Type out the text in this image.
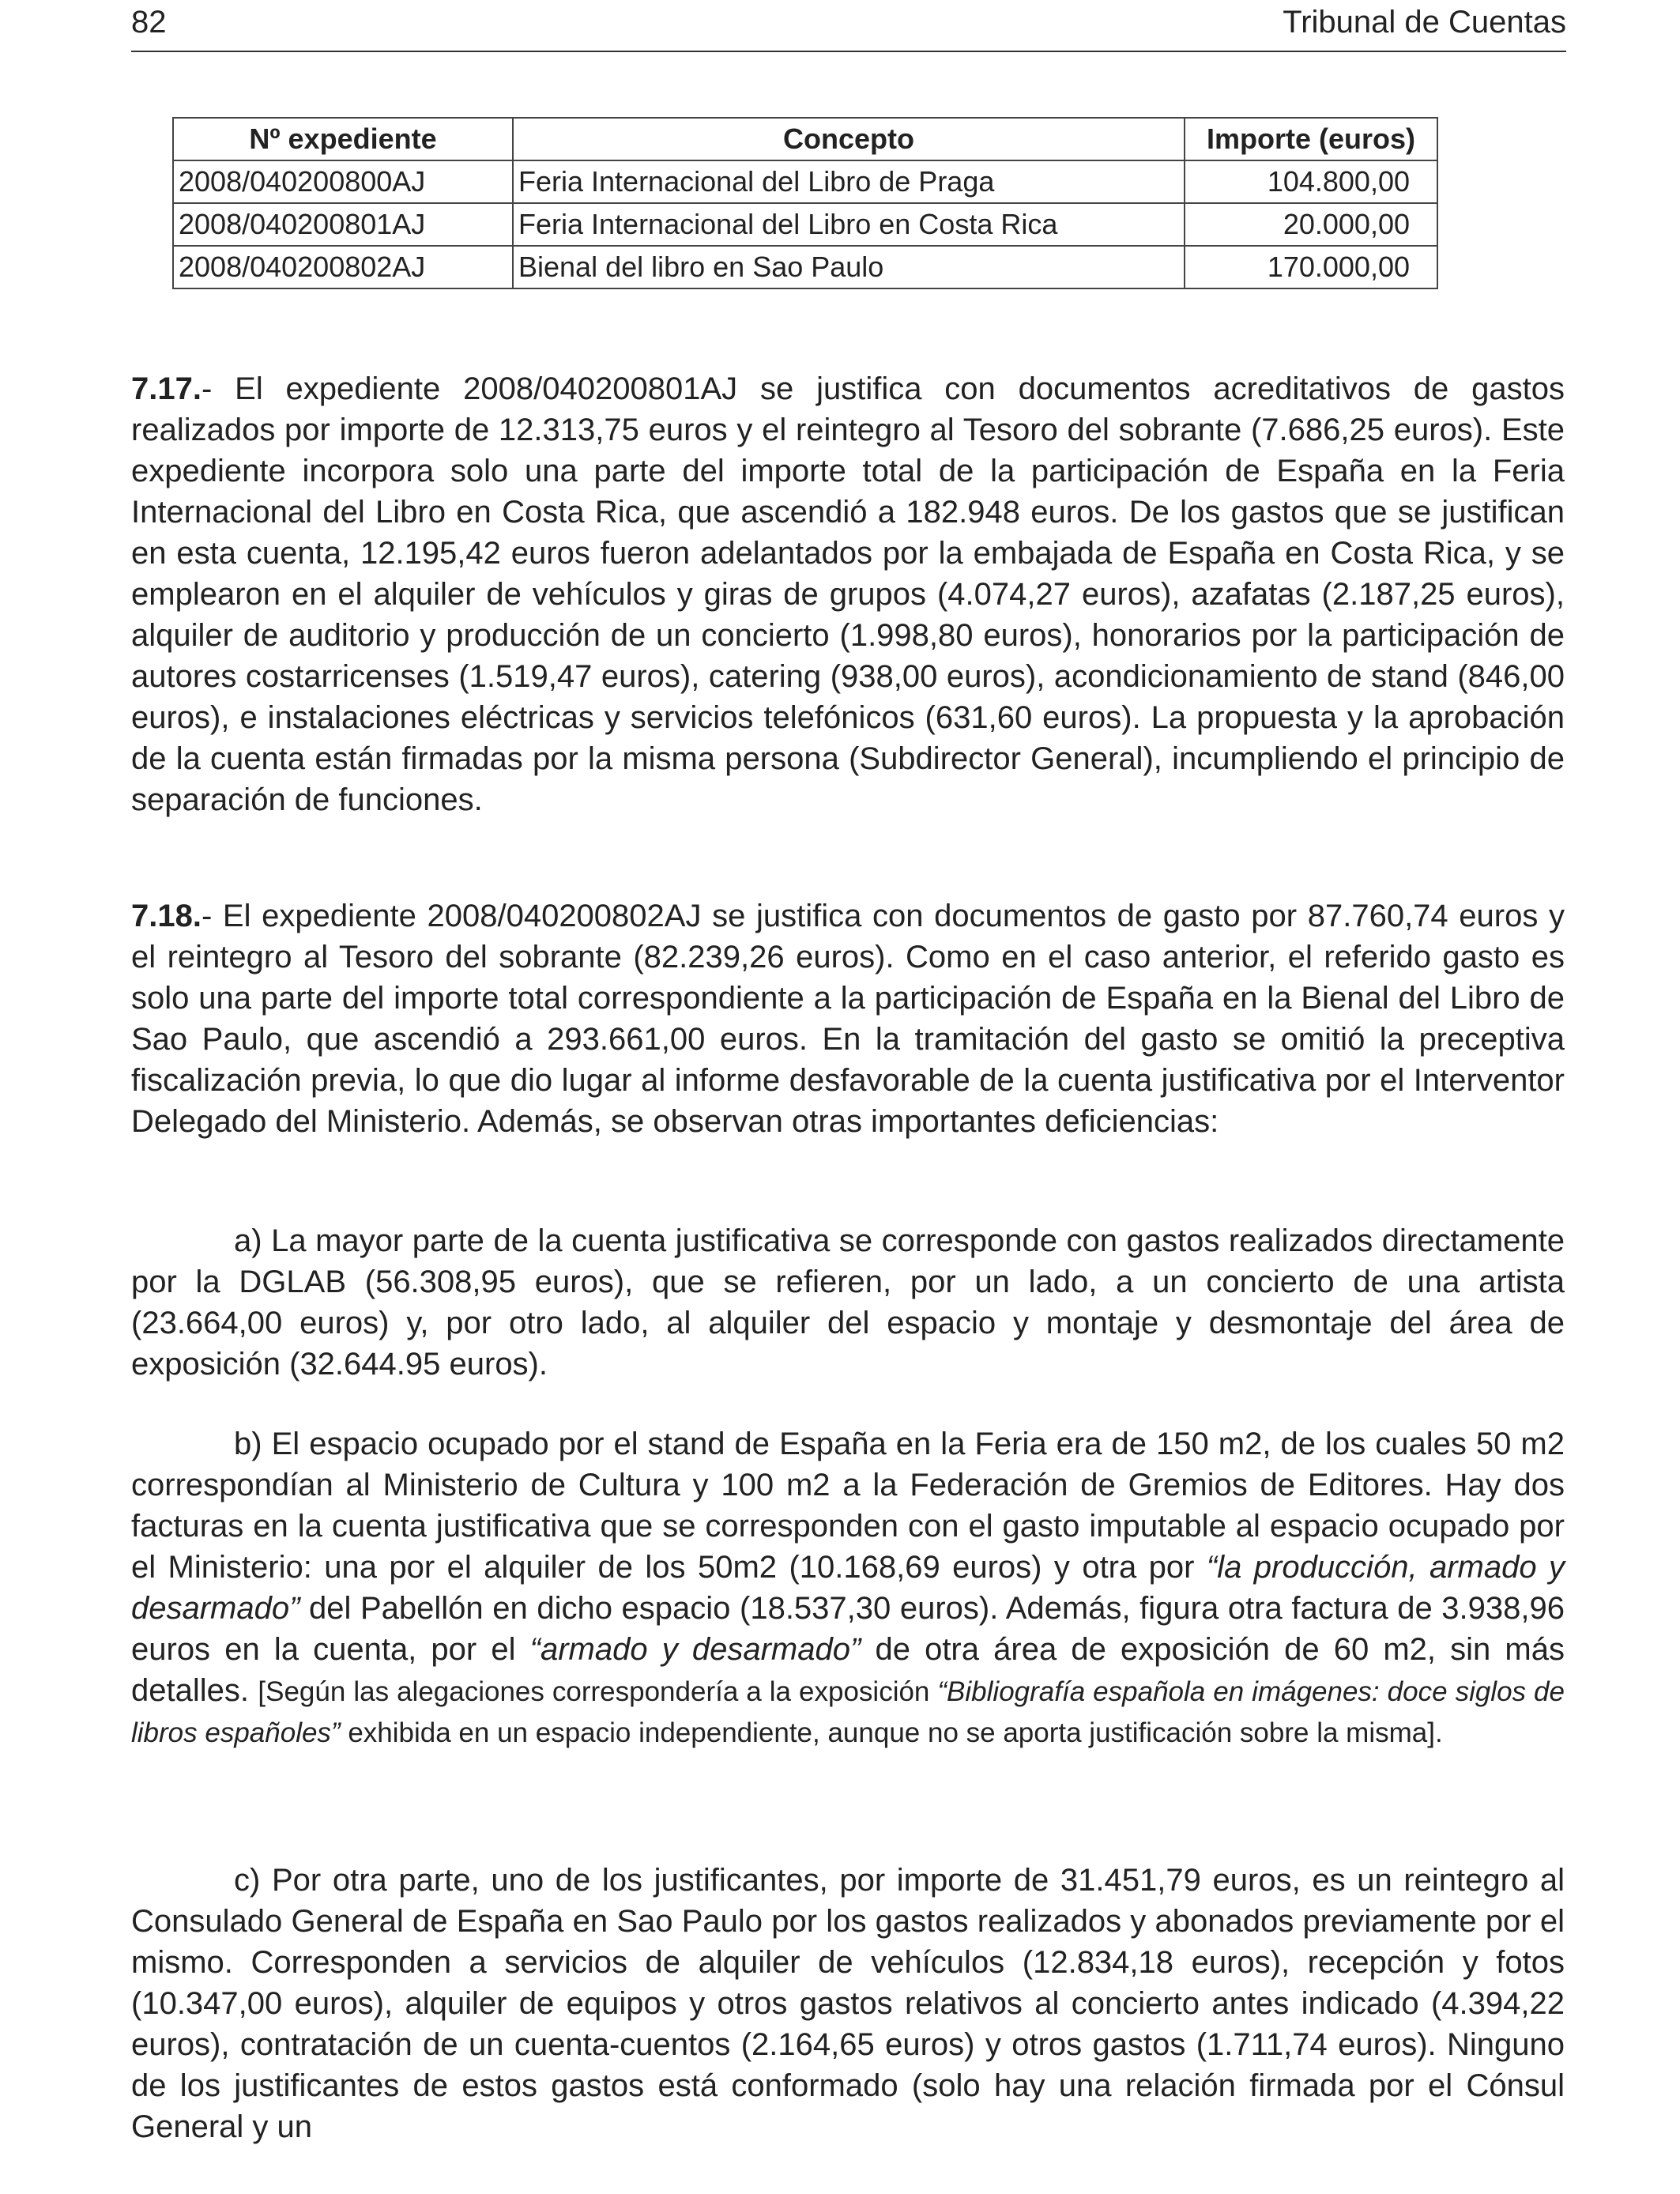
82	Tribunal de Cuentas
Nº expediente	Concepto	Importe (euros)
2008/040200800AJ	Feria Internacional del Libro de Praga	104.800,00
2008/040200801AJ	Feria Internacional del Libro en Costa Rica	20.000,00
2008/040200802AJ	Bienal del libro en Sao Paulo	170.000,00

7.17.- El expediente 2008/040200801AJ se justifica con documentos acreditativos de gastos realizados por importe de 12.313,75 euros y el reintegro al Tesoro del sobrante (7.686,25 euros). Este expediente incorpora solo una parte del importe total de la participación de España en la Feria Internacional del Libro en Costa Rica, que ascendió a 182.948 euros. De los gastos que se justifican en esta cuenta, 12.195,42 euros fueron adelantados por la embajada de España en Costa Rica, y se emplearon en el alquiler de vehículos y giras de grupos (4.074,27 euros), azafatas (2.187,25 euros), alquiler de auditorio y producción de un concierto (1.998,80 euros), honorarios por la participación de autores costarricenses (1.519,47 euros), catering (938,00 euros), acondicionamiento de stand (846,00 euros), e instalaciones eléctricas y servicios telefónicos (631,60 euros). La propuesta y la aprobación de la cuenta están firmadas por la misma persona (Subdirector General), incumpliendo el principio de separación de funciones.

7.18.- El expediente 2008/040200802AJ se justifica con documentos de gasto por 87.760,74 euros y el reintegro al Tesoro del sobrante (82.239,26 euros). Como en el caso anterior, el referido gasto es solo una parte del importe total correspondiente a la participación de España en la Bienal del Libro de Sao Paulo, que ascendió a 293.661,00 euros. En la tramitación del gasto se omitió la preceptiva fiscalización previa, lo que dio lugar al informe desfavorable de la cuenta justificativa por el Interventor Delegado del Ministerio. Además, se observan otras importantes deficiencias:

a) La mayor parte de la cuenta justificativa se corresponde con gastos realizados directamente por la DGLAB (56.308,95 euros), que se refieren, por un lado, a un concierto de una artista (23.664,00 euros) y, por otro lado, al alquiler del espacio y montaje y desmontaje del área de exposición (32.644.95 euros).

b) El espacio ocupado por el stand de España en la Feria era de 150 m2, de los cuales 50 m2 correspondían al Ministerio de Cultura y 100 m2 a la Federación de Gremios de Editores. Hay dos facturas en la cuenta justificativa que se corresponden con el gasto imputable al espacio ocupado por el Ministerio: una por el alquiler de los 50m2 (10.168,69 euros) y otra por “la producción, armado y desarmado” del Pabellón en dicho espacio (18.537,30 euros). Además, figura otra factura de 3.938,96 euros en la cuenta, por el “armado y desarmado” de otra área de exposición de 60 m2, sin más detalles. [Según las alegaciones correspondería a la exposición “Bibliografía española en imágenes: doce siglos de libros españoles” exhibida en un espacio independiente, aunque no se aporta justificación sobre la misma].

c) Por otra parte, uno de los justificantes, por importe de 31.451,79 euros, es un reintegro al Consulado General de España en Sao Paulo por los gastos realizados y abonados previamente por el mismo. Corresponden a servicios de alquiler de vehículos (12.834,18 euros), recepción y fotos (10.347,00 euros), alquiler de equipos y otros gastos relativos al concierto antes indicado (4.394,22 euros), contratación de un cuenta-cuentos (2.164,65 euros) y otros gastos (1.711,74 euros). Ninguno de los justificantes de estos gastos está conformado (solo hay una relación firmada por el Cónsul General y un
